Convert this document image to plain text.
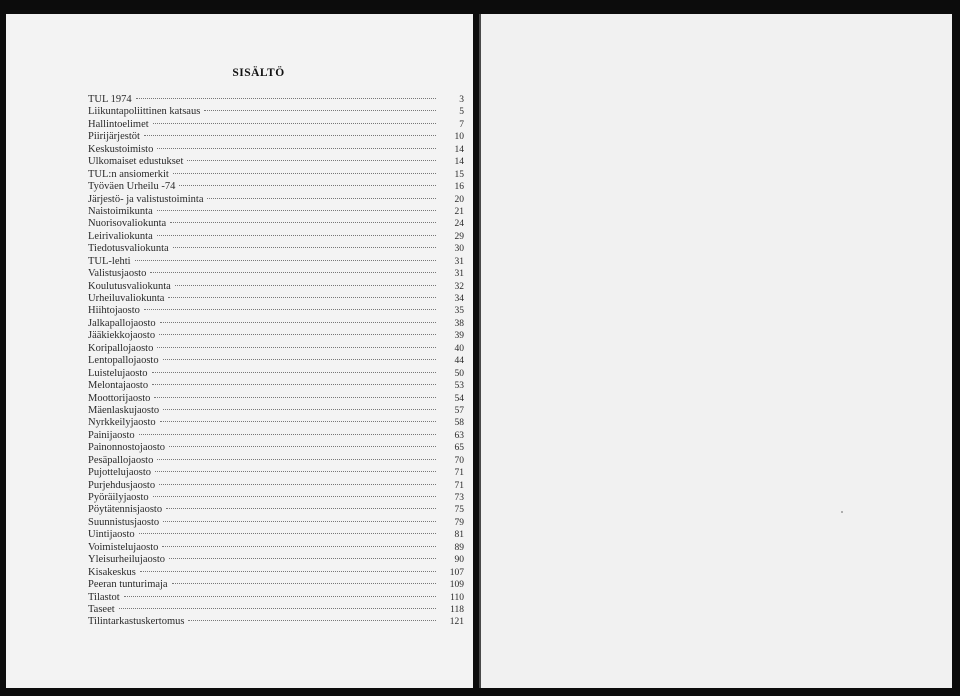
SISÄLTÖ
TUL 1974	3
Liikuntapoliittinen katsaus	5
Hallintoelimet	7
Piirijärjestöt	10
Keskustoimisto	14
Ulkomaiset edustukset	14
TUL:n ansiomerkit	15
Työväen Urheilu -74	16
Järjestö- ja valistustoiminta	20
Naistoimikunta	21
Nuorisovaliokunta	24
Leirivaliokunta	29
Tiedotusvaliokunta	30
TUL-lehti	31
Valistusjaosto	31
Koulutusvaliokunta	32
Urheiluvaliokunta	34
Hiihtojaosto	35
Jalkapallojaosto	38
Jääkiekkojaosto	39
Koripallojaosto	40
Lentopallojaosto	44
Luistelujaosto	50
Melontajaosto	53
Moottorijaosto	54
Mäenlaskujaosto	57
Nyrkkeilyjaosto	58
Painijaosto	63
Painonnostojaosto	65
Pesäpallojaosto	70
Pujottelujaosto	71
Purjehdusjaosto	71
Pyöräilyjaosto	73
Pöytätennisjaosto	75
Suunnistusjaosto	79
Uintijaosto	81
Voimistelujaosto	89
Yleisurheilujaosto	90
Kisakeskus	107
Peeran tunturimaja	109
Tilastot	110
Taseet	118
Tilintarkastuskertomus	121
